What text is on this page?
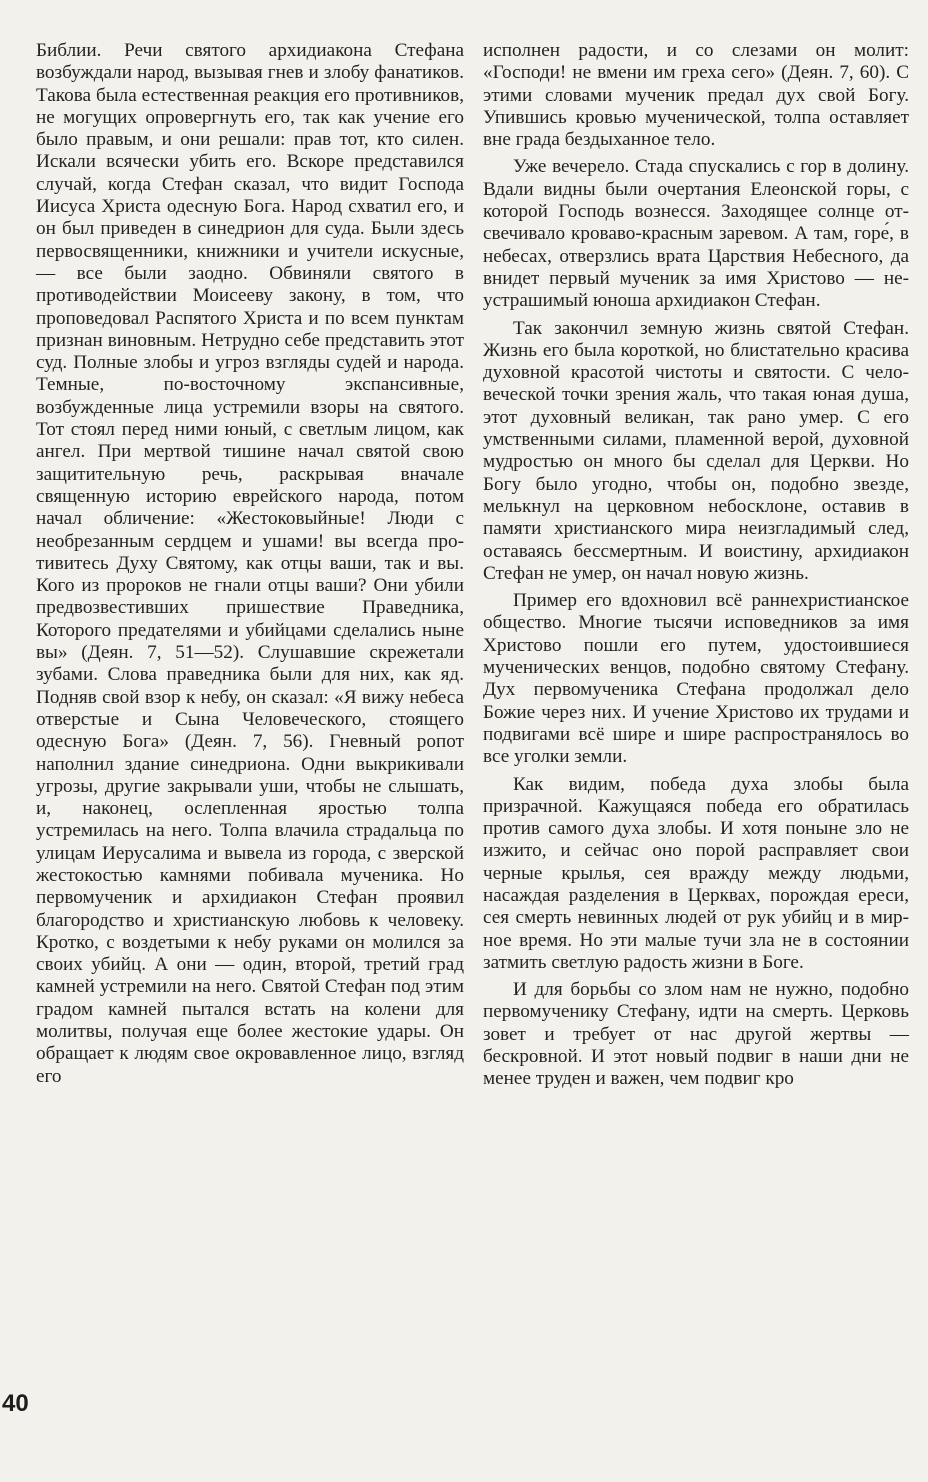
Библии. Речи святого архидиакона Стефана возбуждали народ, вызывая гнев и злобу фанатиков. Такова была естественная реакция его противников, не могущих опровергнуть его, так как учение его было правым, и они решали: прав тот, кто силен. Искали всячески убить его. Вскоре представился случай, когда Стефан сказал, что видит Господа Иисуса Христа одесную Бога. Народ схватил его, и он был приведен в синедрион для суда. Были здесь первосвященники, книжники и учители искусные,— все были заодно. Обвиняли святого в противодействии Моисееву закону, в том, что проповедовал Распятого Христа и по всем пунктам признан виновным. Нетрудно себе представить этот суд. Полные злобы и угроз взгляды судей и народа. Темные, по-восточному экспансивные, возбужденные лица устремили взоры на святого. Тот стоял перед ними юный, с светлым лицом, как ангел. При мертвой тишине начал святой свою защитительную речь, раскрывая вначале священную историю еврейского народа, потом начал обличение: «Жестоковыйные! Люди с необрезанным сердцем и ушами! вы всегда противитесь Духу Святому, как отцы ваши, так и вы. Кого из пророков не гнали отцы ваши? Они убили предвозвестивших пришествие Праведника, Которого предателями и убийцами сделались ныне вы» (Деян. 7, 51—52). Слушавшие скрежетали зубами. Слова праведника были для них, как яд. Подняв свой взор к небу, он сказал: «Я вижу небеса отверстые и Сына Человеческого, стоящего одесную Бога» (Деян. 7, 56). Гневный ропот наполнил здание синедриона. Одни выкрикивали угрозы, другие закрывали уши, чтобы не слышать, и, наконец, ослепленная яростью толпа устремилась на него. Толпа влачила страдальца по улицам Иерусалима и вывела из города, с зверской жестокостью камнями побивала мученика. Но первомученик и архидиакон Стефан проявил благородство и христианскую любовь к человеку. Кротко, с воздетыми к небу руками он молился за своих убийц. А они — один, второй, третий град камней устремили на него. Святой Стефан под этим градом камней пытался встать на колени для молитвы, получая еще более жестокие удары. Он обращает к людям свое окровавленное лицо, взгляд его

исполнен радости, и со слезами он молит: «Господи! не вмени им греха сего» (Деян. 7, 60). С этими словами мученик предал дух свой Богу. Упившись кровью мученической, толпа оставляет вне града бездыханное тело.

Уже вечерело. Стада спускались с гор в долину. Вдали видны были очертания Елеонской горы, с которой Господь вознесся. Заходящее солнце отсвечивало кроваво-красным заревом. А там, горе́, в небесах, отверзлись врата Царствия Небесного, да внидет первый мученик за имя Христово — неустрашимый юноша архидиакон Стефан.

Так закончил земную жизнь святой Стефан. Жизнь его была короткой, но блистательно красива духовной красотой чистоты и святости. С человеческой точки зрения жаль, что такая юная душа, этот духовный великан, так рано умер. С его умственными силами, пламенной верой, духовной мудростью он много бы сделал для Церкви. Но Богу было угодно, чтобы он, подобно звезде, мелькнул на церковном небосклоне, оставив в памяти христианского мира неизгладимый след, оставаясь бессмертным. И воистину, архидиакон Стефан не умер, он начал новую жизнь.

Пример его вдохновил всё раннехристианское общество. Многие тысячи исповедников за имя Христово пошли его путем, удостоившиеся мученических венцов, подобно святому Стефану. Дух первомученика Стефана продолжал дело Божие через них. И учение Христово их трудами и подвигами всё шире и шире распространялось во все уголки земли.

Как видим, победа духа злобы была призрачной. Кажущаяся победа его обратилась против самого духа злобы. И хотя поныне зло не изжито, и сейчас оно порой расправляет свои черные крылья, сея вражду между людьми, насаждая разделения в Церквах, порождая ереси, сея смерть невинных людей от рук убийц и в мирное время. Но эти малые тучи зла не в состоянии затмить светлую радость жизни в Боге.

И для борьбы со злом нам не нужно, подобно первомученику Стефану, идти на смерть. Церковь зовет и требует от нас другой жертвы — бескровной. И этот новый подвиг в наши дни не менее труден и важен, чем подвиг кро

40
